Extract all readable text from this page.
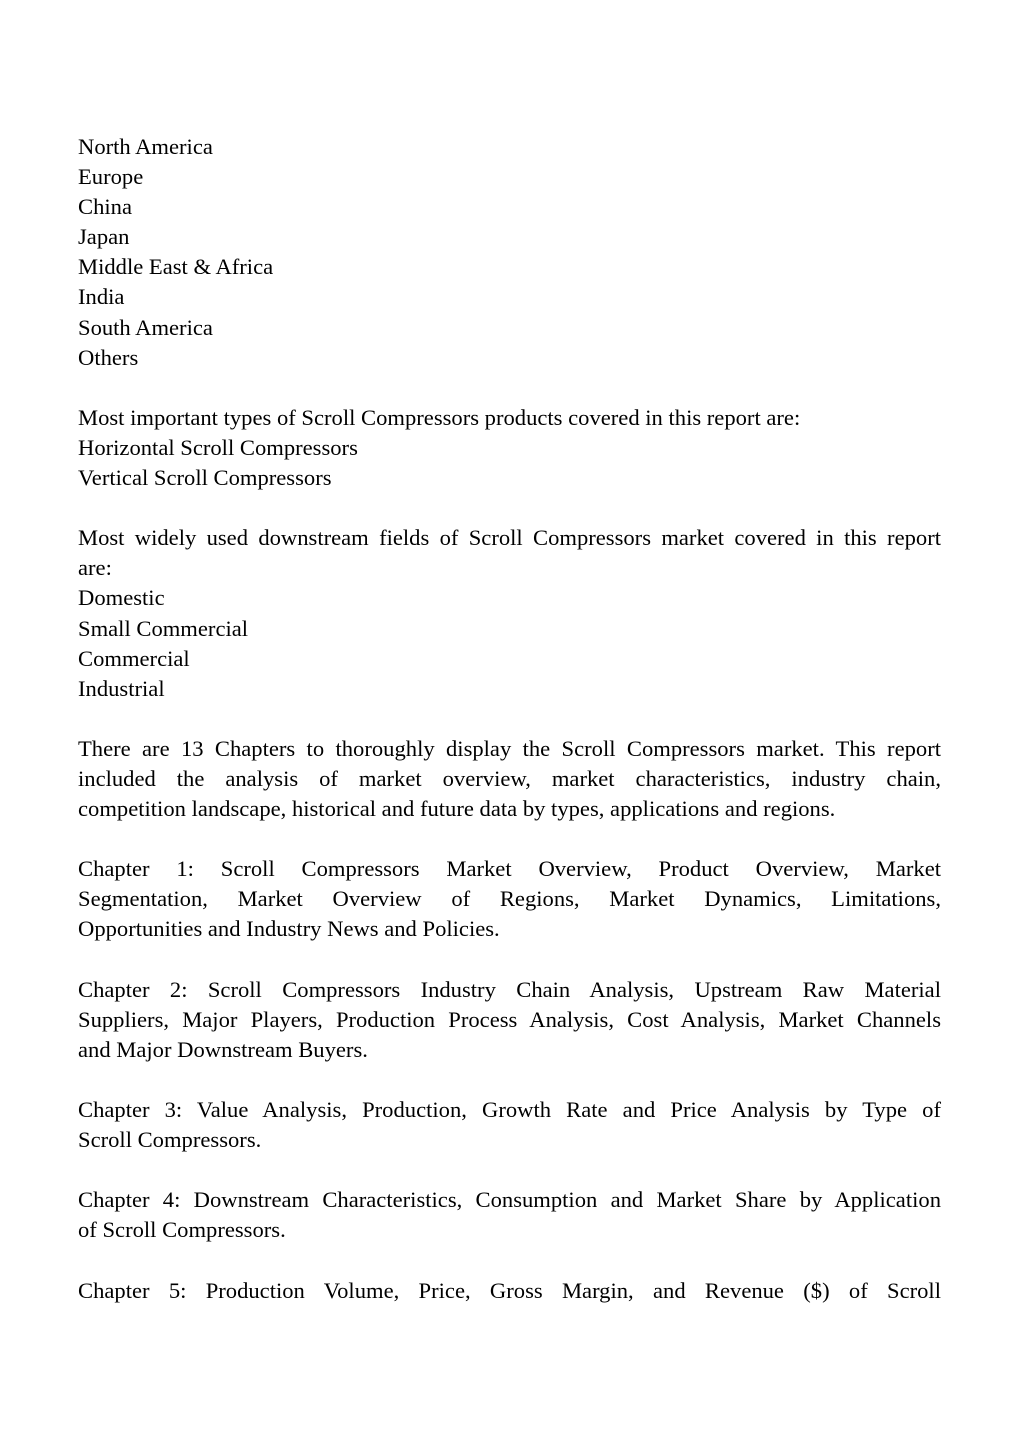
North America
Europe
China
Japan
Middle East & Africa
India
South America
Others
Most important types of Scroll Compressors products covered in this report are:
Horizontal Scroll Compressors
Vertical Scroll Compressors
Most widely used downstream fields of Scroll Compressors market covered in this report
are:
Domestic
Small Commercial
Commercial
Industrial
There are 13 Chapters to thoroughly display the Scroll Compressors market. This report
included the analysis of market overview, market characteristics, industry chain,
competition landscape, historical and future data by types, applications and regions.
Chapter 1: Scroll Compressors Market Overview, Product Overview, Market
Segmentation, Market Overview of Regions, Market Dynamics, Limitations,
Opportunities and Industry News and Policies.
Chapter 2: Scroll Compressors Industry Chain Analysis, Upstream Raw Material
Suppliers, Major Players, Production Process Analysis, Cost Analysis, Market Channels
and Major Downstream Buyers.
Chapter 3: Value Analysis, Production, Growth Rate and Price Analysis by Type of
Scroll Compressors.
Chapter 4: Downstream Characteristics, Consumption and Market Share by Application
of Scroll Compressors.
Chapter 5: Production Volume, Price, Gross Margin, and Revenue ($) of Scroll
